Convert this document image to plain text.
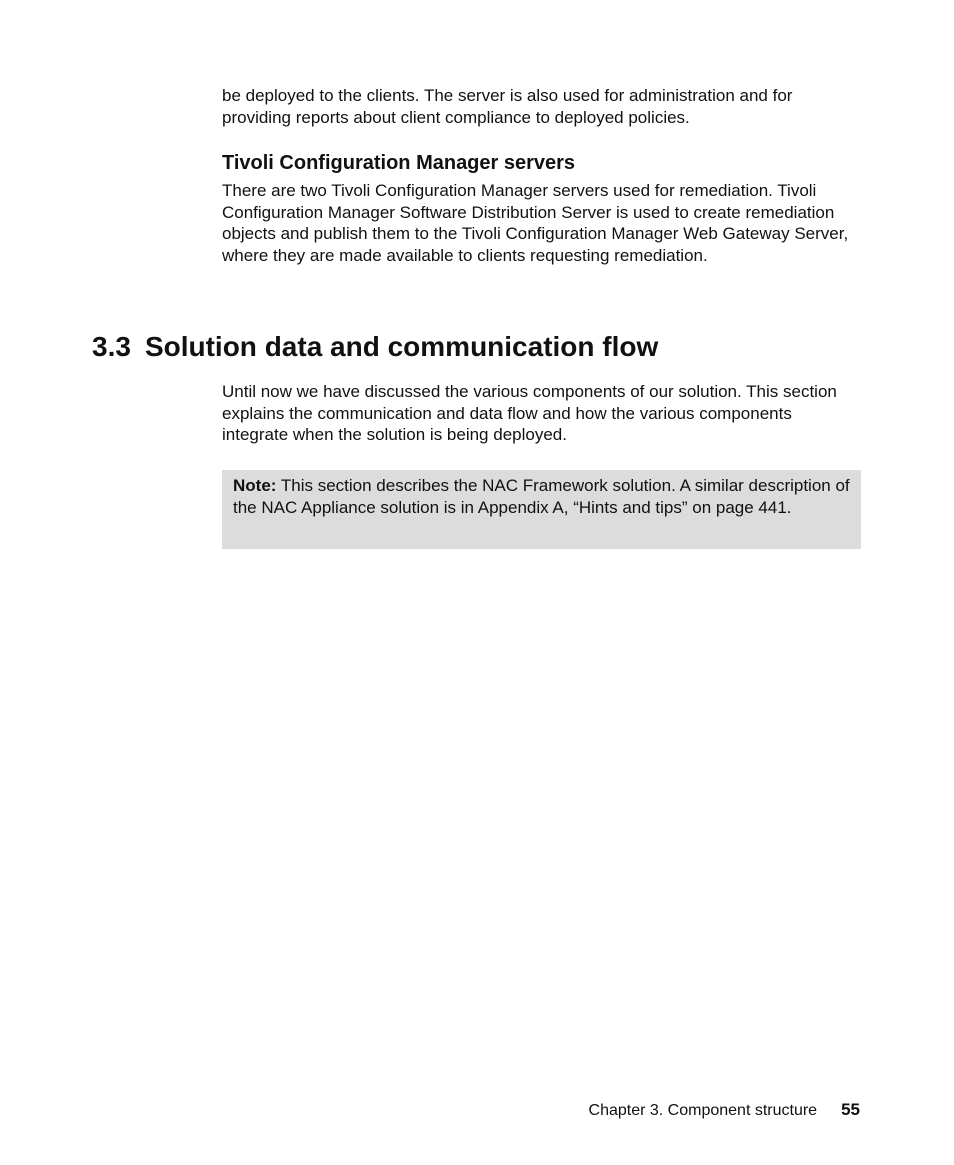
be deployed to the clients. The server is also used for administration and for providing reports about client compliance to deployed policies.

Tivoli Configuration Manager servers

There are two Tivoli Configuration Manager servers used for remediation. Tivoli Configuration Manager Software Distribution Server is used to create remediation objects and publish them to the Tivoli Configuration Manager Web Gateway Server, where they are made available to clients requesting remediation.

3.3 Solution data and communication flow

Until now we have discussed the various components of our solution. This section explains the communication and data flow and how the various components integrate when the solution is being deployed.

Note: This section describes the NAC Framework solution. A similar description of the NAC Appliance solution is in Appendix A, “Hints and tips” on page 441.
Chapter 3. Component structure 55
